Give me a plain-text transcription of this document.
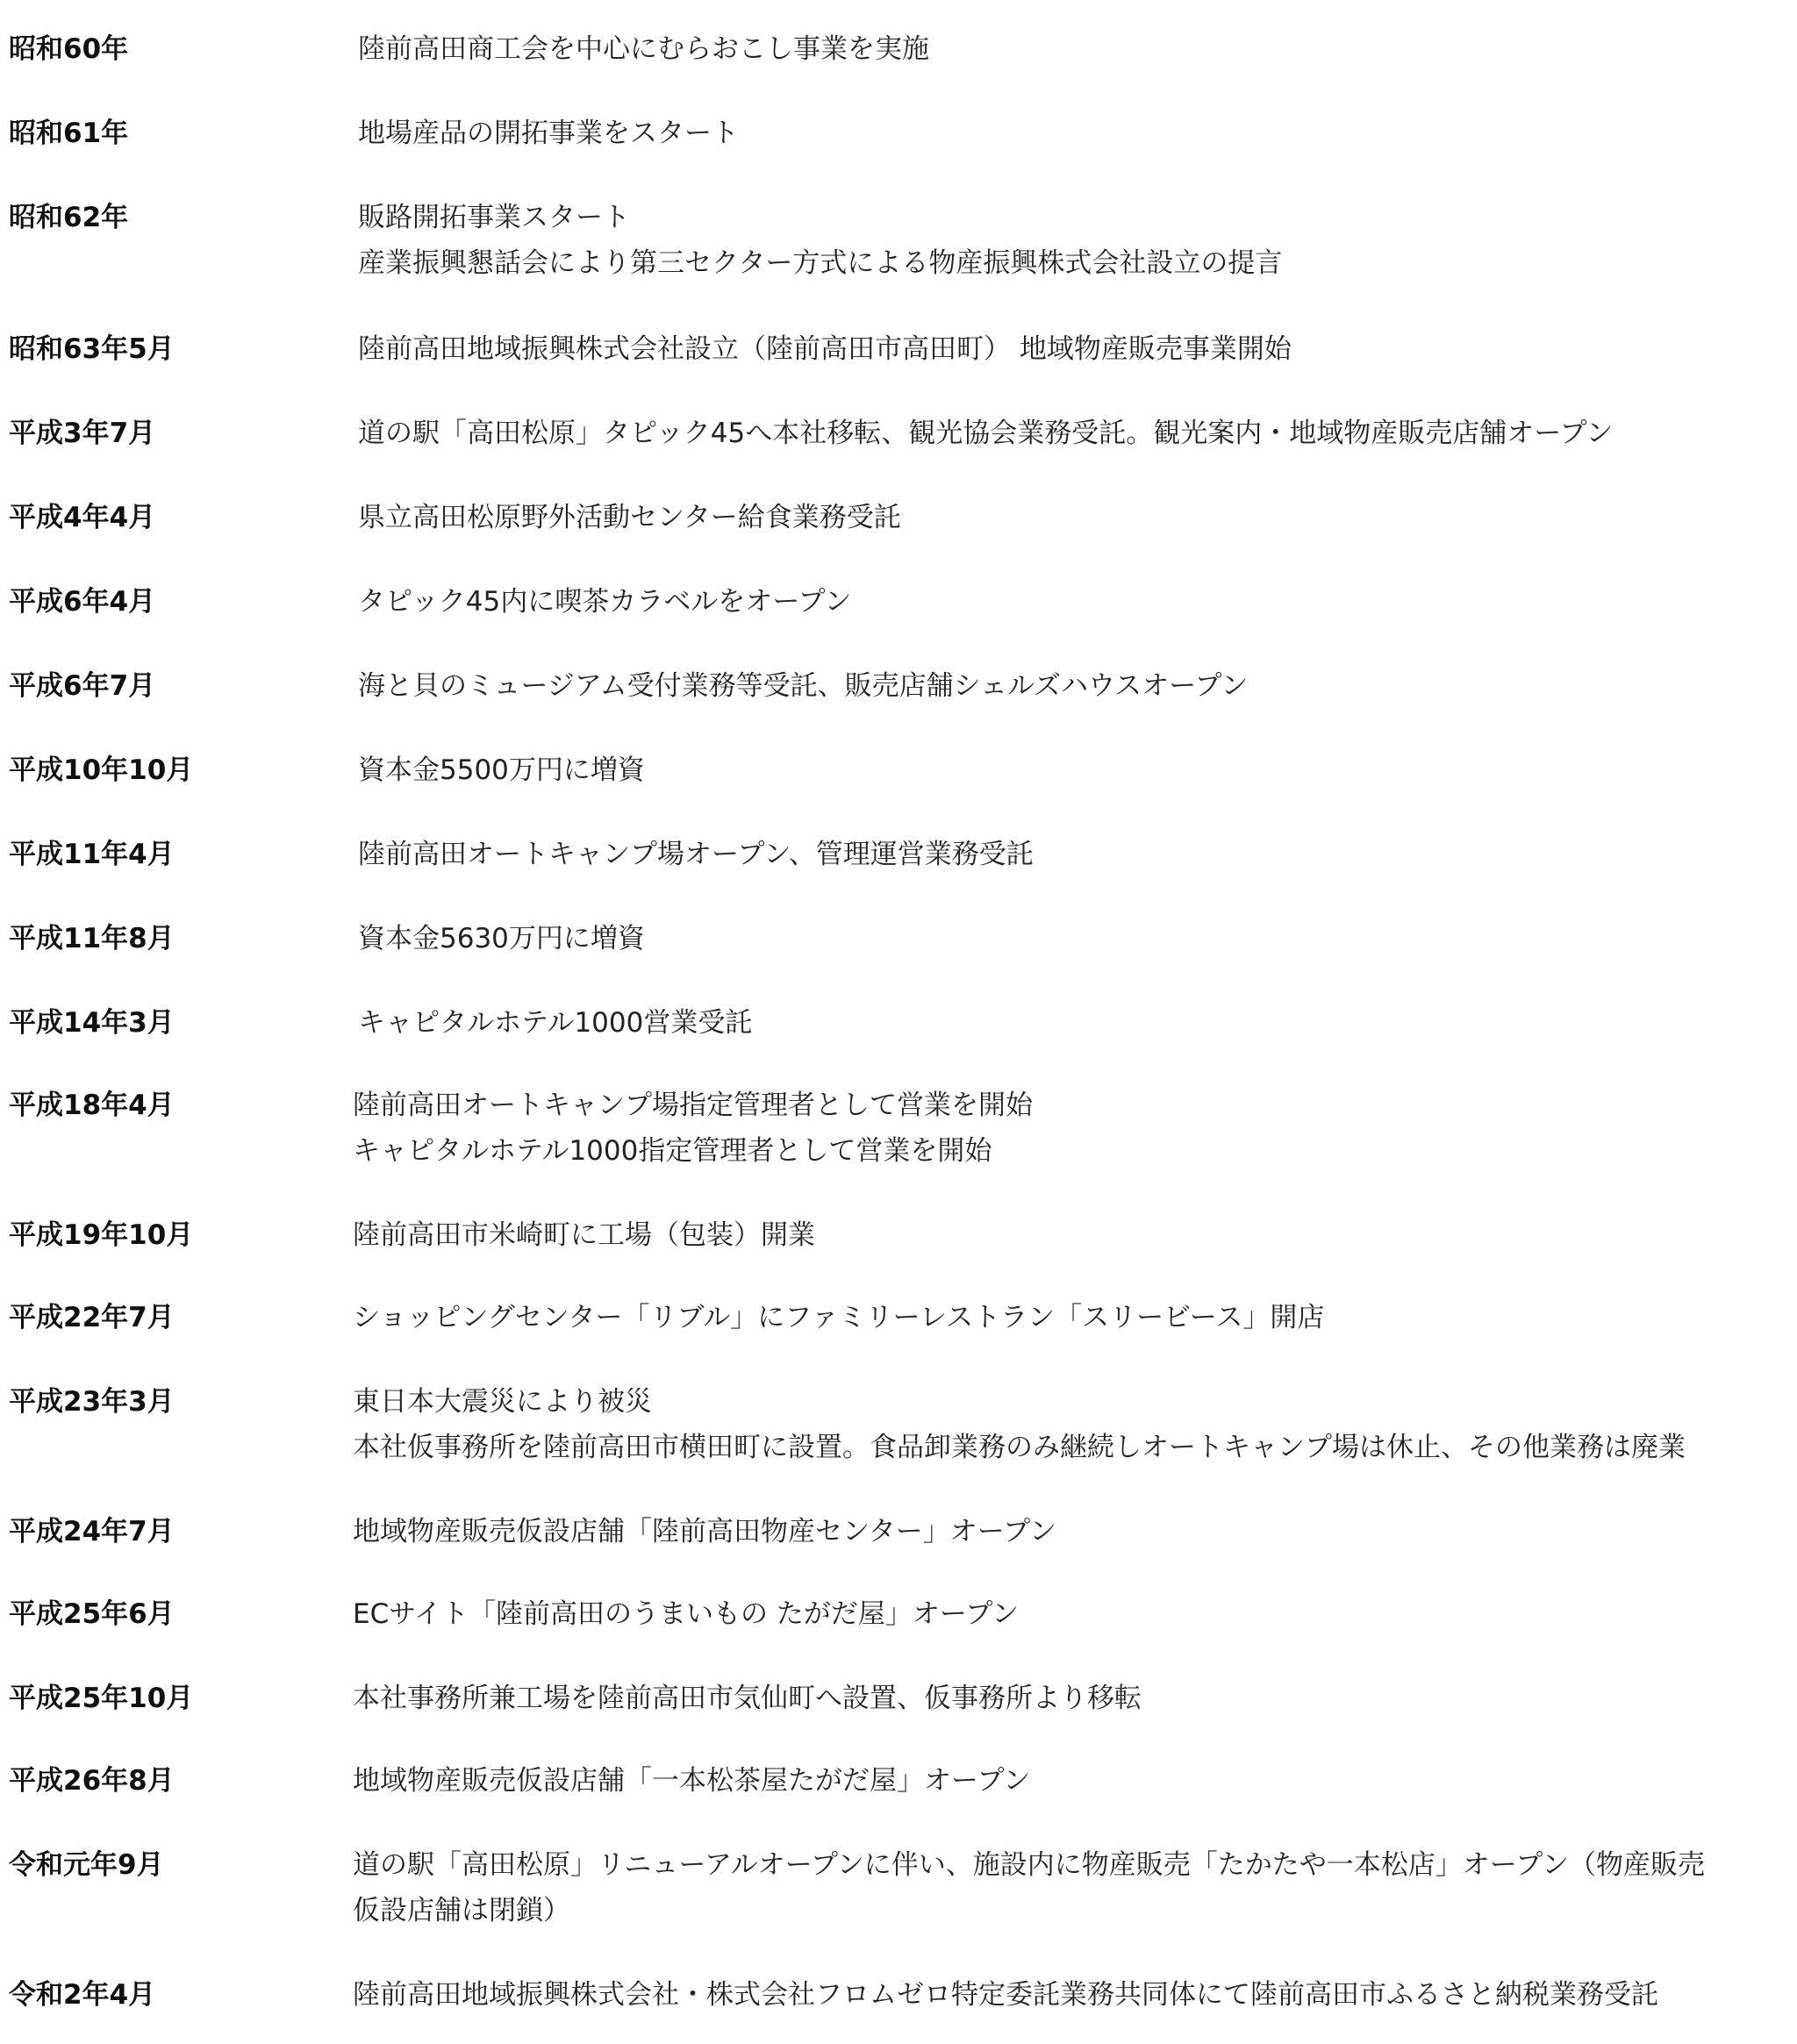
昭和60年	陸前高田商工会を中心にむらおこし事業を実施
昭和61年	地場産品の開拓事業をスタート
昭和62年	販路開拓事業スタート
産業振興懇話会により第三セクター方式による物産振興株式会社設立の提言
昭和63年5月	陸前高田地域振興株式会社設立（陸前高田市高田町） 地域物産販売事業開始
平成3年7月	道の駅「高田松原」タピック45へ本社移転、観光協会業務受託。観光案内・地域物産販売店舗オープン
平成4年4月	県立高田松原野外活動センター給食業務受託
平成6年4月	タピック45内に喫茶カラベルをオープン
平成6年7月	海と貝のミュージアム受付業務等受託、販売店舗シェルズハウスオープン
平成10年10月	資本金5500万円に増資
平成11年4月	陸前高田オートキャンプ場オープン、管理運営業務受託
平成11年8月	資本金5630万円に増資
平成14年3月	キャピタルホテル1000営業受託
平成18年4月	陸前高田オートキャンプ場指定管理者として営業を開始
キャピタルホテル1000指定管理者として営業を開始
平成19年10月	陸前高田市米崎町に工場（包装）開業
平成22年7月	ショッピングセンター「リブル」にファミリーレストラン「スリービース」開店
平成23年3月	東日本大震災により被災
本社仮事務所を陸前高田市横田町に設置。食品卸業務のみ継続しオートキャンプ場は休止、その他業務は廃業
平成24年7月	地域物産販売仮設店舗「陸前高田物産センター」オープン
平成25年6月	ECサイト「陸前高田のうまいもの たがだ屋」オープン
平成25年10月	本社事務所兼工場を陸前高田市気仙町へ設置、仮事務所より移転
平成26年8月	地域物産販売仮設店舗「一本松茶屋たがだ屋」オープン
令和元年9月	道の駅「高田松原」リニューアルオープンに伴い、施設内に物産販売「たかたや一本松店」オープン（物産販売
仮設店舗は閉鎖）
令和2年4月	陸前高田地域振興株式会社・株式会社フロムゼロ特定委託業務共同体にて陸前高田市ふるさと納税業務受託
